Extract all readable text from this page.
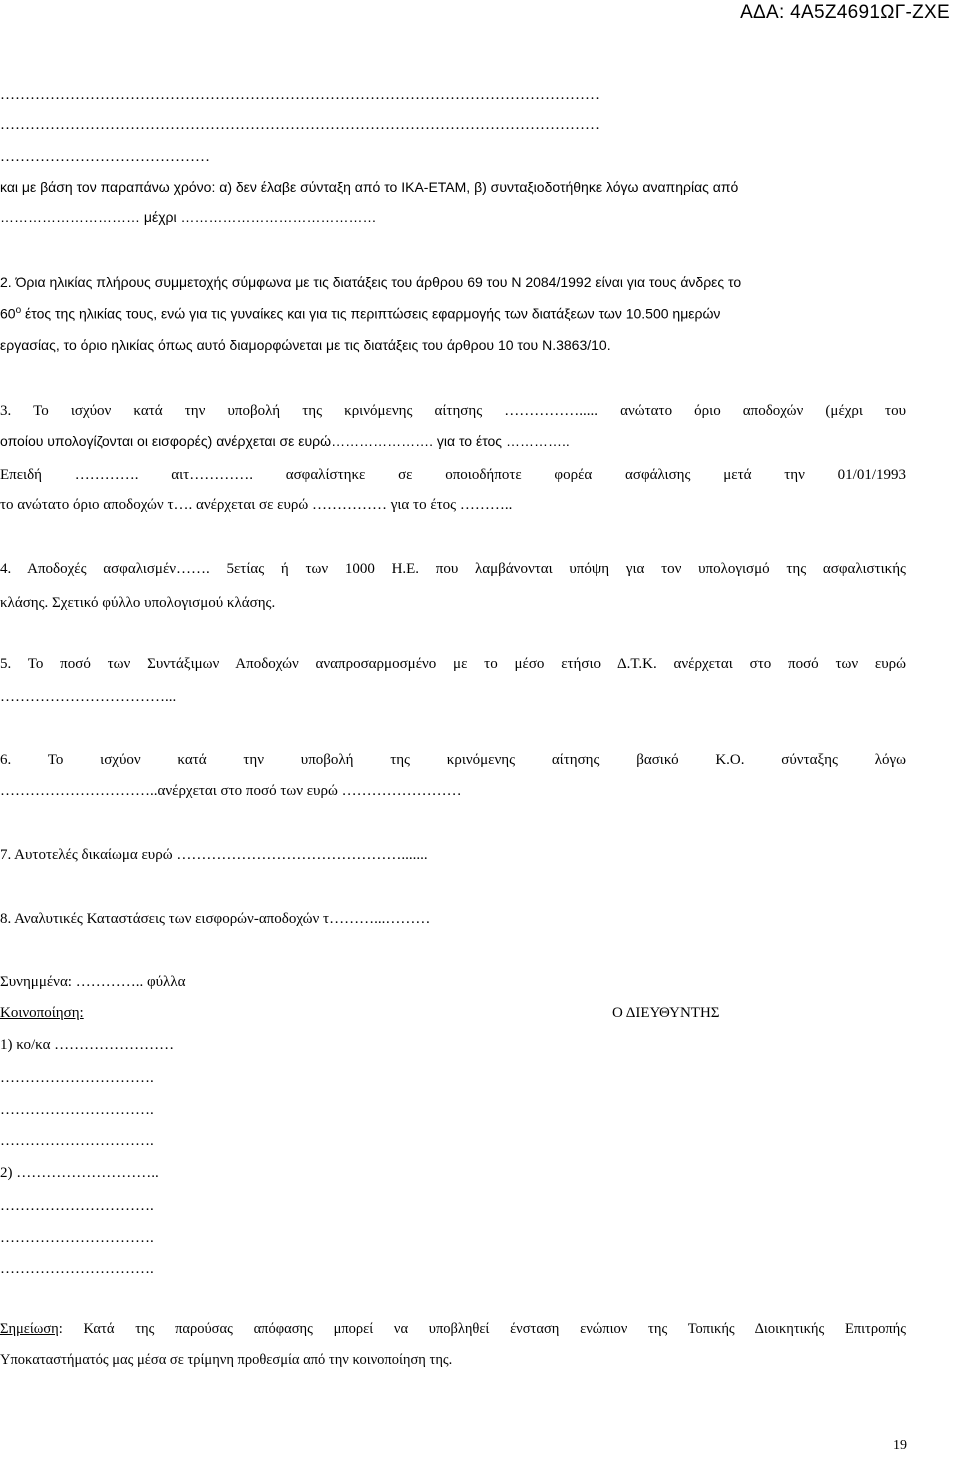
ΑΔΑ: 4Α5Ζ4691ΩΓ-ΖΧΕ
…………………………………………………………………………………………………………
…………………………………………………………………………………………………………
……………………………………
και με βάση τον παραπάνω χρόνο: α) δεν έλαβε σύνταξη από το ΙΚΑ-ΕΤΑΜ, β) συνταξιοδοτήθηκε λόγω αναπηρίας από
………………………… μέχρι ……………………………………
2. Όρια ηλικίας πλήρους συμμετοχής σύμφωνα με τις διατάξεις του άρθρου 69 του Ν 2084/1992 είναι για τους άνδρες το
$60^o$ έτος της ηλικίας τους, ενώ για τις γυναίκες και για τις περιπτώσεις εφαρμογής των διατάξεων των 10.500 ημερών
εργασίας, το όριο ηλικίας όπως αυτό διαμορφώνεται με τις διατάξεις του άρθρου 10 του Ν.3863/10.
3. Το ισχύον κατά την υποβολή της κρινόμενης αίτησης ……………..... ανώτατο όριο αποδοχών (μέχρι του
οποίου υπολογίζονται οι εισφορές) ανέρχεται σε ευρώ…………………. για το έτος …………..
Επειδή …………. αιτ…………. ασφαλίστηκε σε οποιοδήποτε φορέα ασφάλισης μετά την 01/01/1993
το ανώτατο όριο αποδοχών τ…. ανέρχεται σε ευρώ …………… για το έτος ………..
4. Αποδοχές ασφαλισμέν……. 5ετίας ή των 1000 Η.Ε. που λαμβάνονται υπόψη για τον υπολογισμό της ασφαλιστικής
κλάσης. Σχετικό φύλλο υπολογισμού κλάσης.
5. Το ποσό των Συντάξιμων Αποδοχών αναπροσαρμοσμένο με το μέσο ετήσιο Δ.Τ.Κ. ανέρχεται στο ποσό των ευρώ
……………………………...
6. Το ισχύον κατά την υποβολή της κρινόμενης αίτησης βασικό Κ.Ο. σύνταξης λόγω
…………………………..ανέρχεται στο ποσό των ευρώ ……………………
7. Αυτοτελές δικαίωμα ευρώ ……………………………………….......
8. Αναλυτικές Καταστάσεις των εισφορών-αποδοχών τ………...………
Συνημμένα: ………….. φύλλα
Κοινοποίηση:	Ο ΔΙΕΥΘΥΝΤΗΣ
1) κο/κα ……………………
………………………….
………………………….
………………………….
2) ………………………..
………………………….
………………………….
………………………….
Σημείωση: Κατά της παρούσας απόφασης μπορεί να υποβληθεί ένσταση ενώπιον της Τοπικής Διοικητικής Επιτροπής
Υποκαταστήματός μας μέσα σε τρίμηνη προθεσμία από την κοινοποίηση της.
19
